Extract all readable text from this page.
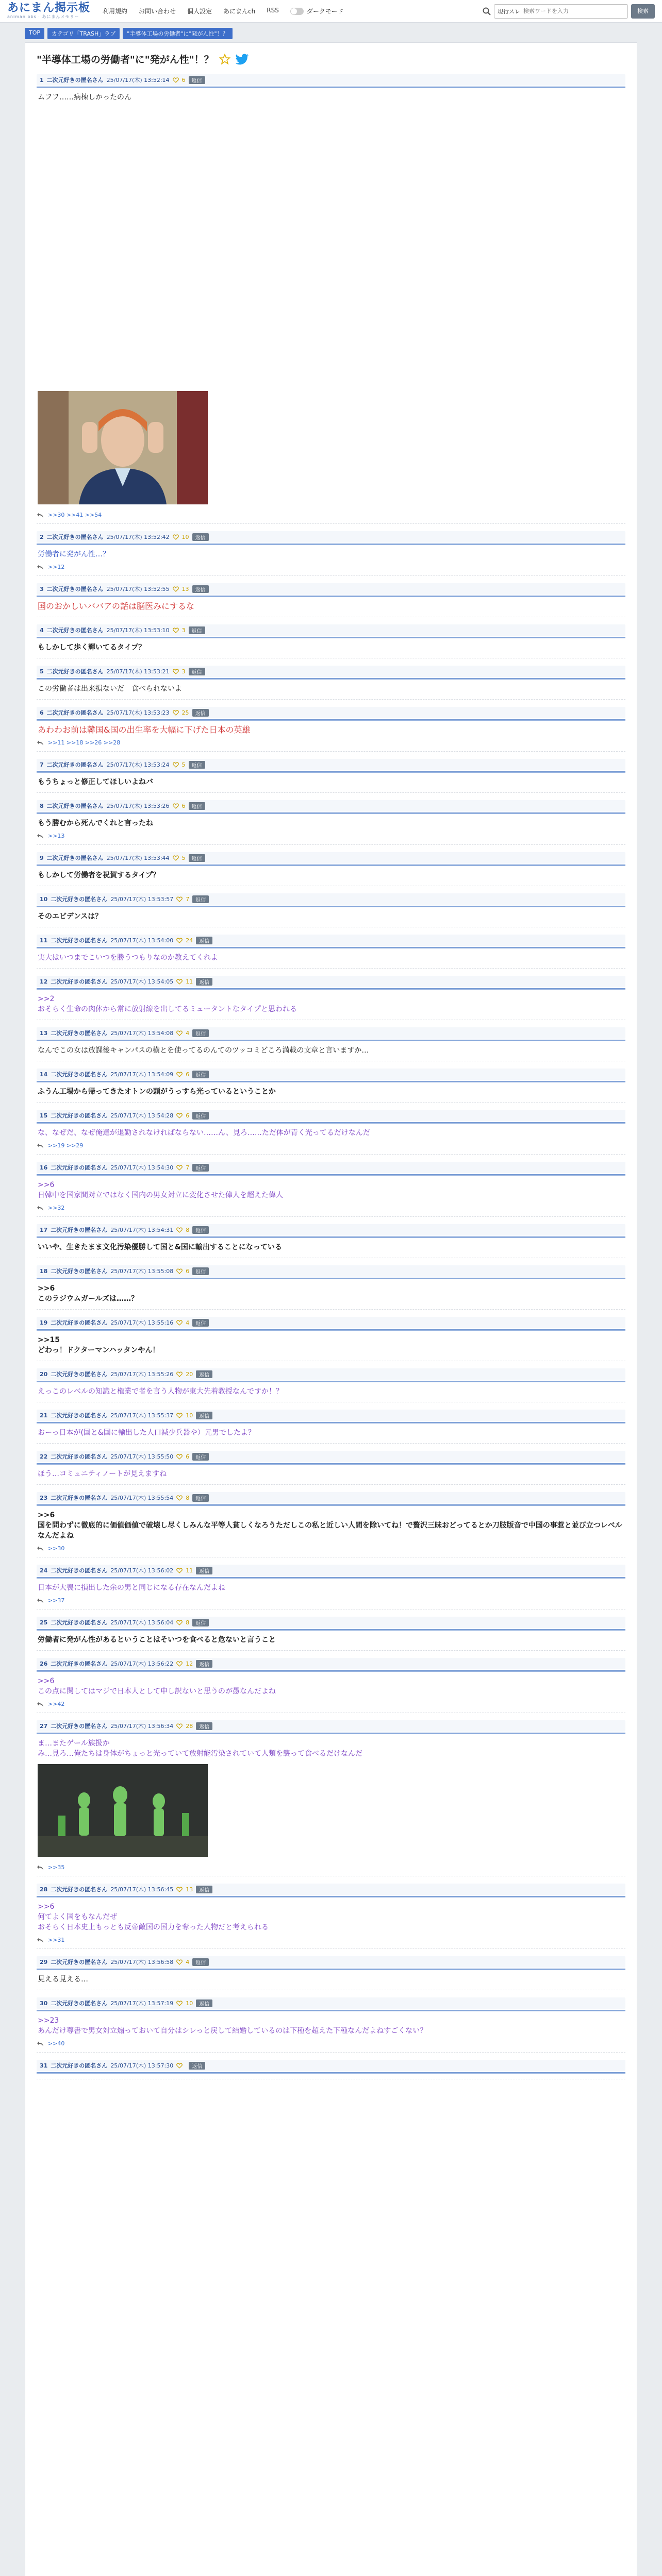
あにまん掲示板
animan bbs · あにまんメモリー
利用規約 お問い合わせ 個人設定 あにまんch RSS	ダークモード	現行スレ
検索ワードを入力	検索
TOP	カテゴリ「TRASH」ラブ	"半導体工場の労働者"に"発がん性"！？
"半導体工場の労働者"に"発がん性"！？
1 二次元好きの匿名さん 25/07/17(木) 13:52:14 6	返信
ムフフ……病棟しかったのん
>>30 >>41 >>54
2 二次元好きの匿名さん 25/07/17(木) 13:52:42 10	返信
労働者に発がん性…？
>>12
3 二次元好きの匿名さん 25/07/17(木) 13:52:55 13	返信
国のおかしいババアの話は脳医みにするな
4 二次元好きの匿名さん 25/07/17(木) 13:53:10 3	返信
もしかして歩く輝いてるタイプ？
5 二次元好きの匿名さん 25/07/17(木) 13:53:21 3	返信
この労働者は出来損ないだ　食べられないよ
6 二次元好きの匿名さん 25/07/17(木) 13:53:23 25	返信
あわわお前は韓国&国の出生率を大幅に下げた日本の英雄
>>11 >>18 >>26 >>28
7 二次元好きの匿名さん 25/07/17(木) 13:53:24 5	返信
もうちょっと修正してほしいよねバ
8 二次元好きの匿名さん 25/07/17(木) 13:53:26 6	返信
もう勝むから死んでくれと言ったね
>>13
9 二次元好きの匿名さん 25/07/17(木) 13:53:44 5	返信
もしかして労働者を祝賀するタイプ？
10 二次元好きの匿名さん 25/07/17(木) 13:53:57 7	返信
そのエビデンスは？
11 二次元好きの匿名さん 25/07/17(木) 13:54:00 24	返信
実大はいつまでこいつを勝うつもりなのか教えてくれよ
12 二次元好きの匿名さん 25/07/17(木) 13:54:05 11	返信
>>2
おそらく生命の肉体から常に放射線を出してるミュータントなタイプと思われる
13 二次元好きの匿名さん 25/07/17(木) 13:54:08 4	返信
なんでこの女は放課後キャンパスの横とを使ってるのんてのツッコミどころ満載の文章と言いますか…
14 二次元好きの匿名さん 25/07/17(木) 13:54:09 6	返信
ふうん工場から帰ってきたオトンの頭がうっすら光っているということか
15 二次元好きの匿名さん 25/07/17(木) 13:54:28 6	返信
な、なぜだ、なぜ俺達が退勤されなければならない……ん、見ろ……ただ体が青く光ってるだけなんだ
>>19 >>29
16 二次元好きの匿名さん 25/07/17(木) 13:54:30 7	返信
>>6
日韓中を国家間対立ではなく国内の男女対立に変化させた偉人を超えた偉人
>>32
17 二次元好きの匿名さん 25/07/17(木) 13:54:31 8	返信
いいや、生きたまま文化汚染優勝して国と&国に輸出することになっている
18 二次元好きの匿名さん 25/07/17(木) 13:55:08 6	返信
>>6
このラジウムガールズは……？
19 二次元好きの匿名さん 25/07/17(木) 13:55:16 4	返信
>>15
どわっ！ドクターマンハッタンやん！
20 二次元好きの匿名さん 25/07/17(木) 13:55:26 20	返信
えっこのレベルの知識と権業で者を言う人物が東大先着教授なんですか！？
21 二次元好きの匿名さん 25/07/17(木) 13:55:37 10	返信
おーっ日本が(国と&国に輸出した人口減少兵器や）元男でしたよ？
22 二次元好きの匿名さん 25/07/17(木) 13:55:50 6	返信
ほう…コミュニティノートが見えますね
23 二次元好きの匿名さん 25/07/17(木) 13:55:54 8	返信
>>6
国を問わずに徹底的に価値価値で破壊し尽くしみんな平等人貧しくなろうただしこの私と近しい人間を除いてね！で贅沢三昧おどってるとか刀肢版音で中国の事惹と並び立つレベルなんだよね
>>30
24 二次元好きの匿名さん 25/07/17(木) 13:56:02 11	返信
日本が大喪に損出した余の男と同じになる存在なんだよね
>>37
25 二次元好きの匿名さん 25/07/17(木) 13:56:04 8	返信
労働者に発がん性があるということはそいつを食べると危ないと言うこと
26 二次元好きの匿名さん 25/07/17(木) 13:56:22 12	返信
>>6
この点に関してはマジで日本人として申し訳ないと思うのが愚なんだよね
>>42
27 二次元好きの匿名さん 25/07/17(木) 13:56:34 28	返信
ま…またゲール族扱か
み…見ろ…俺たちは身体がちょっと光っていて放射能汚染されていて人類を襲って食べるだけなんだ
>>35
28 二次元好きの匿名さん 25/07/17(木) 13:56:45 13	返信
>>6
何てよく国をもなんだぜ
おそらく日本史上もっとも反帝敵国の国力を奪った人物だと考えられる
>>31
29 二次元好きの匿名さん 25/07/17(木) 13:56:58 4	返信
見える見える…
30 二次元好きの匿名さん 25/07/17(木) 13:57:19 10	返信
>>23
あんだけ尊書で男女対立煽っておいて自分はシレっと戻して結婚しているのは下種を超えた下種なんだよねすごくない？
>>40
31 二次元好きの匿名さん 25/07/17(木) 13:57:30	返信
